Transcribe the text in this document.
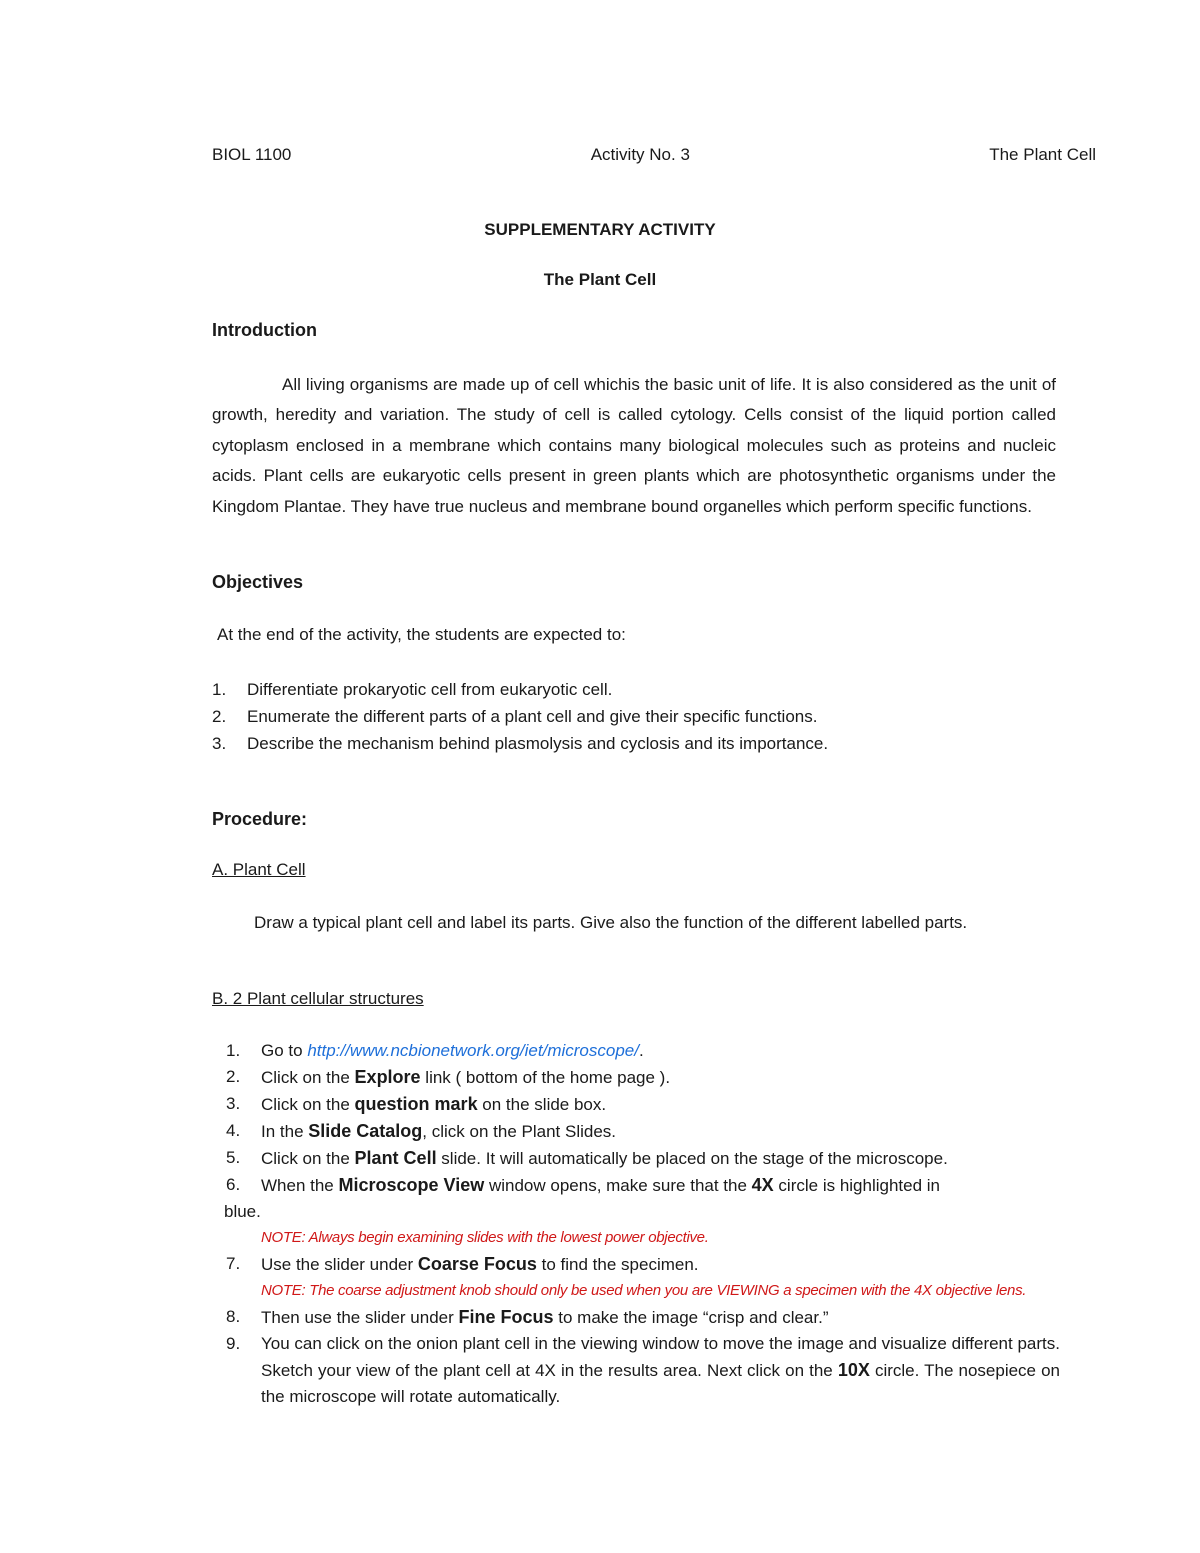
BIOL 1100	Activity No. 3	The Plant Cell
SUPPLEMENTARY ACTIVITY
The Plant Cell
Introduction

All living organisms are made up of cell whichis the basic unit of life. It is also considered as the unit of growth, heredity and variation. The study of cell is called cytology. Cells consist of the liquid portion called cytoplasm enclosed in a membrane which contains many biological molecules such as proteins and nucleic acids. Plant cells are eukaryotic cells present in green plants which are photosynthetic organisms under the Kingdom Plantae. They have true nucleus and membrane bound organelles which perform specific functions.

Objectives
At the end of the activity, the students are expected to:
1.	Differentiate prokaryotic cell from eukaryotic cell.
2.	Enumerate the different parts of a plant cell and give their specific functions.
3.	Describe the mechanism behind plasmolysis and cyclosis and its importance.
Procedure:
A. Plant Cell

Draw a typical plant cell and label its parts. Give also the function of the different labelled parts.

B. 2 Plant cellular structures
1. Go to http://www.ncbionetwork.org/iet/microscope/.
2. Click on the Explore link ( bottom of the home page ).
3. Click on the question mark on the slide box.
4. In the Slide Catalog, click on the Plant Slides.
5. Click on the Plant Cell slide. It will automatically be placed on the stage of the microscope.
6. When the Microscope View window opens, make sure that the 4X circle is highlighted in
blue.
NOTE: Always begin examining slides with the lowest power objective.
7. Use the slider under Coarse Focus to find the specimen.
NOTE: The coarse adjustment knob should only be used when you are VIEWING a specimen with the 4X objective lens.
8. Then use the slider under Fine Focus to make the image “crisp and clear.”
9. You can click on the onion plant cell in the viewing window to move the image and visualize different parts. Sketch your view of the plant cell at 4X in the results area. Next click on the 10X circle. The nosepiece on the microscope will rotate automatically.
